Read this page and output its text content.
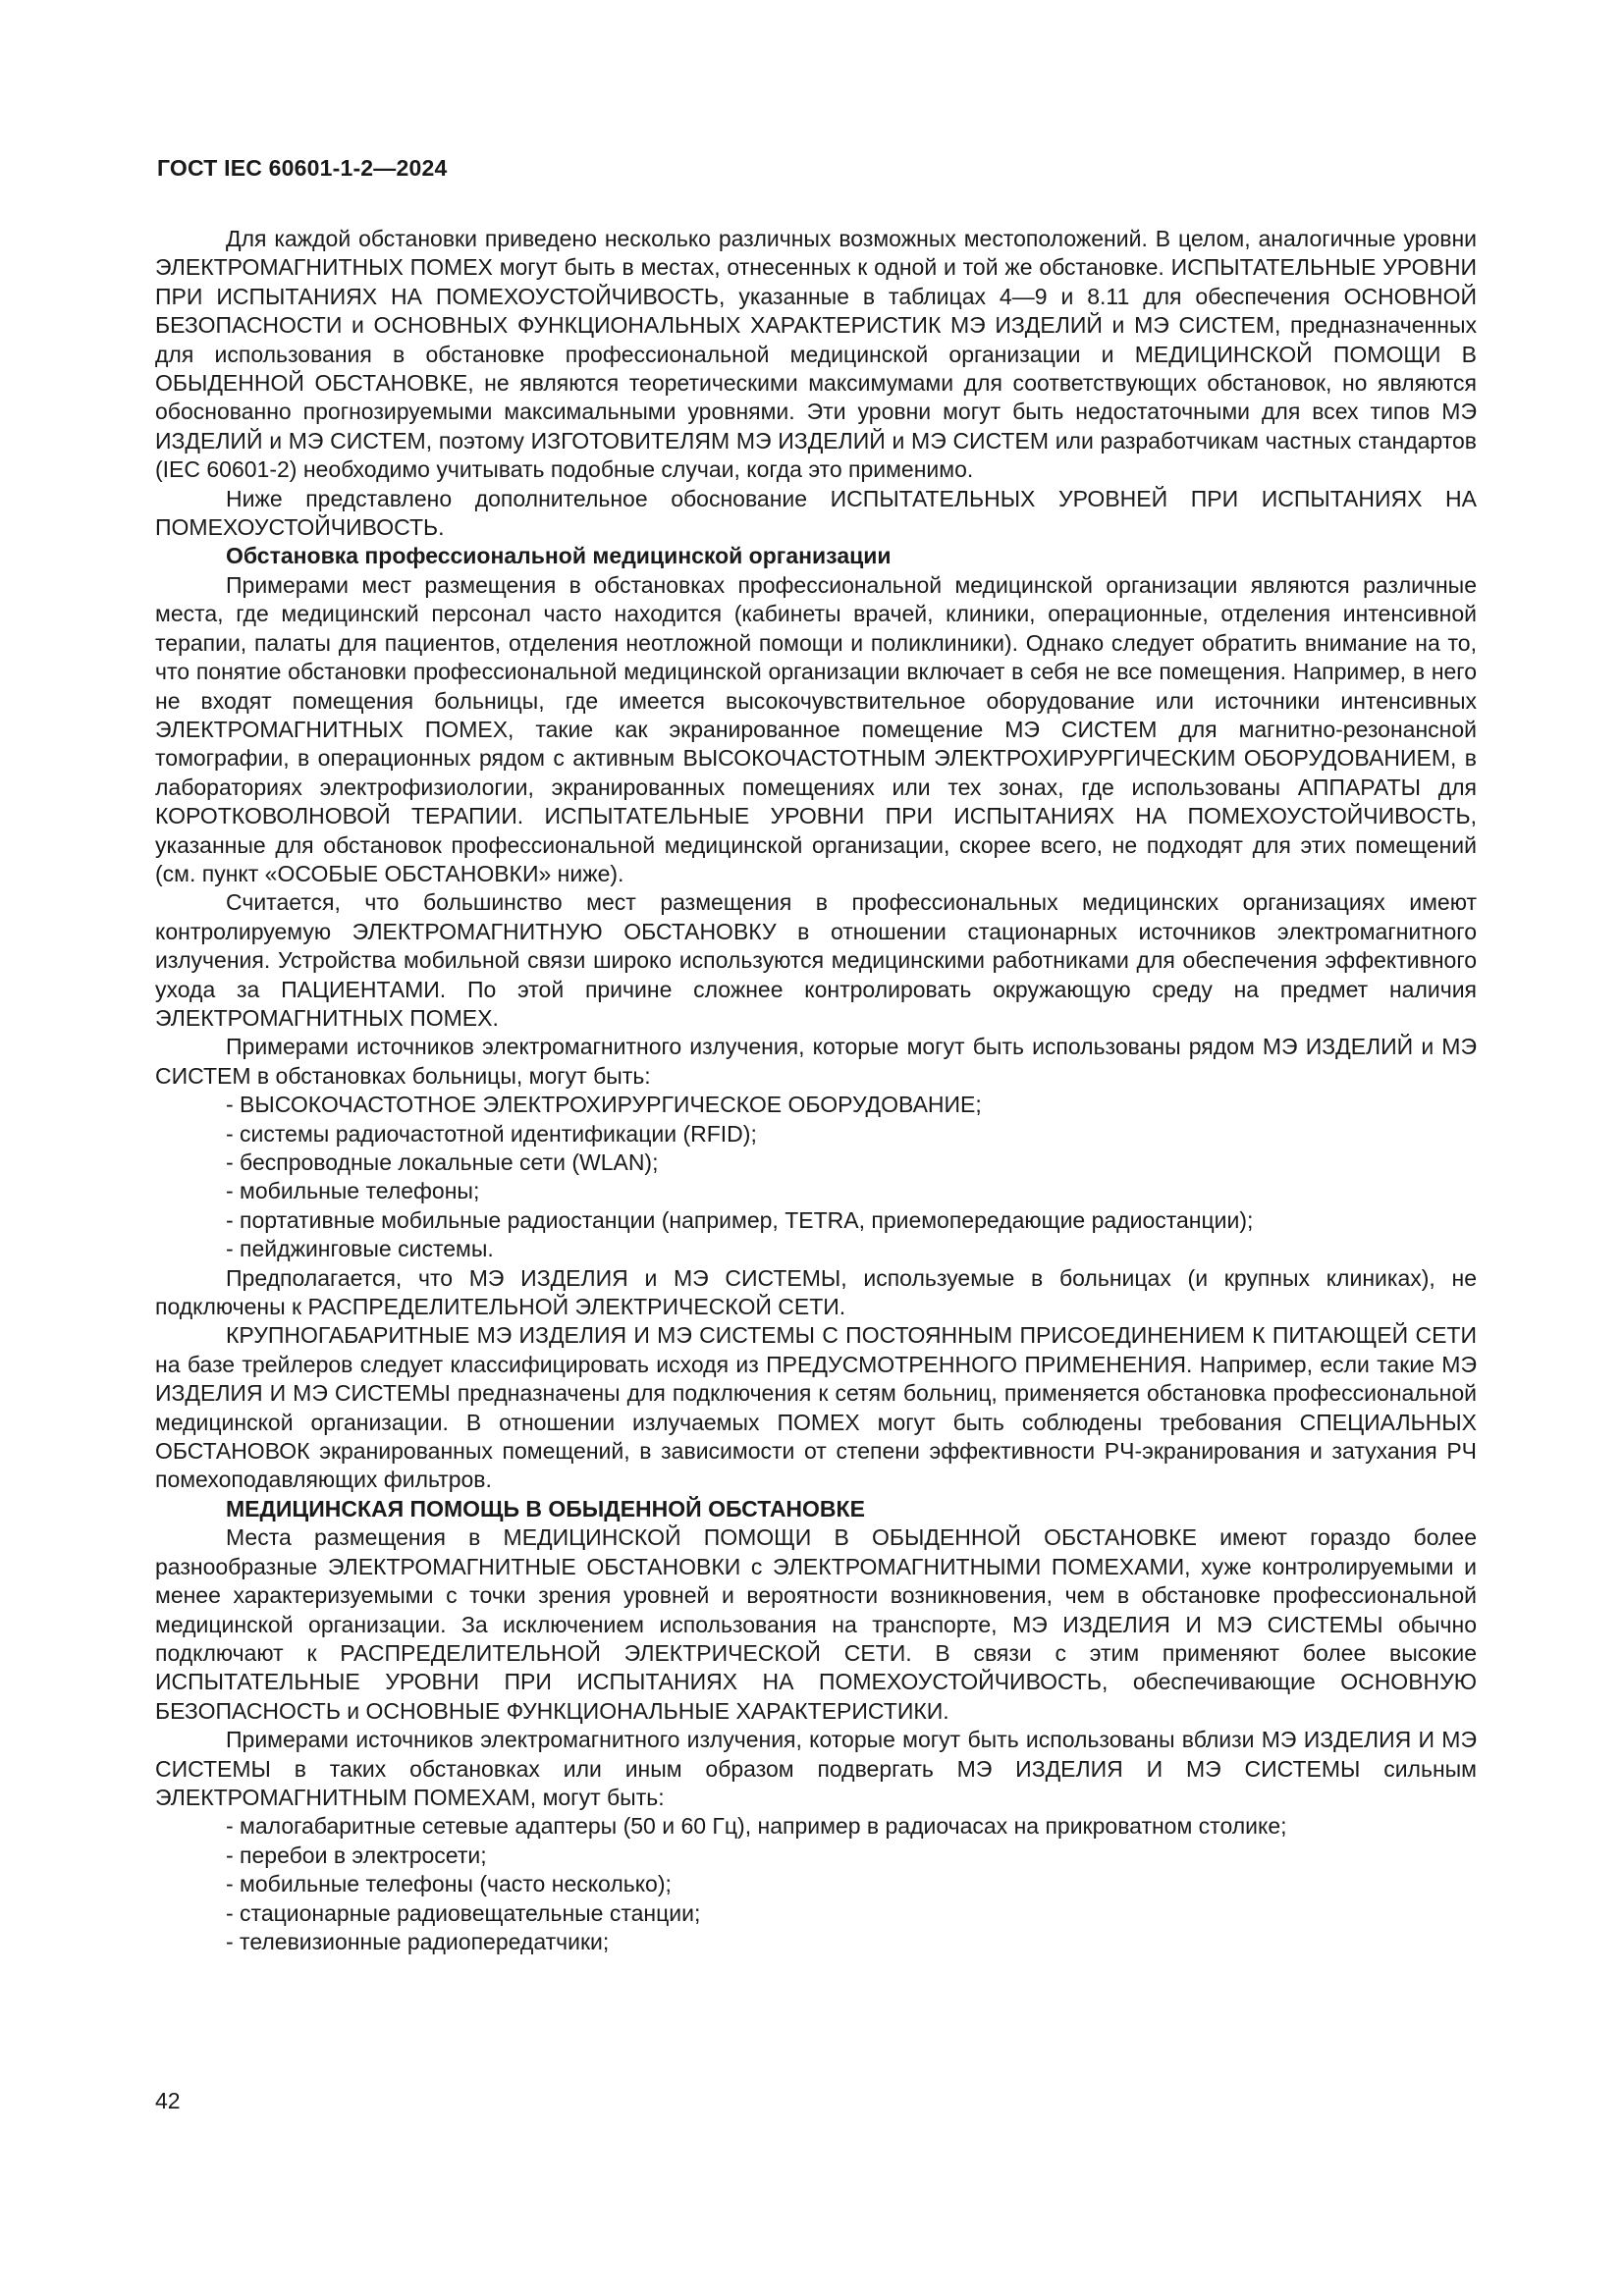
ГОСТ IEC 60601-1-2—2024

Для каждой обстановки приведено несколько различных возможных местоположений. В целом, аналогичные уровни ЭЛЕКТРОМАГНИТНЫХ ПОМЕХ могут быть в местах, отнесенных к одной и той же обстановке. ИСПЫТАТЕЛЬНЫЕ УРОВНИ ПРИ ИСПЫТАНИЯХ НА ПОМЕХОУСТОЙЧИВОСТЬ, указанные в таблицах 4—9 и 8.11 для обеспечения ОСНОВНОЙ БЕЗОПАСНОСТИ и ОСНОВНЫХ ФУНКЦИОНАЛЬНЫХ ХАРАКТЕРИСТИК МЭ ИЗДЕЛИЙ и МЭ СИСТЕМ, предназначенных для использования в обстановке профессиональной медицинской организации и МЕДИЦИНСКОЙ ПОМОЩИ В ОБЫДЕННОЙ ОБСТАНОВКЕ, не являются теоретическими максимумами для соответствующих обстановок, но являются обоснованно прогнозируемыми максимальными уровнями. Эти уровни могут быть недостаточными для всех типов МЭ ИЗДЕЛИЙ и МЭ СИСТЕМ, поэтому ИЗГОТОВИТЕЛЯМ МЭ ИЗДЕЛИЙ и МЭ СИСТЕМ или разработчикам частных стандартов (IEC 60601-2) необходимо учитывать подобные случаи, когда это применимо.

Ниже представлено дополнительное обоснование ИСПЫТАТЕЛЬНЫХ УРОВНЕЙ ПРИ ИСПЫТАНИЯХ НА ПОМЕХОУСТОЙЧИВОСТЬ.

Обстановка профессиональной медицинской организации

Примерами мест размещения в обстановках профессиональной медицинской организации являются различные места, где медицинский персонал часто находится (кабинеты врачей, клиники, операционные, отделения интенсивной терапии, палаты для пациентов, отделения неотложной помощи и поликлиники). Однако следует обратить внимание на то, что понятие обстановки профессиональной медицинской организации включает в себя не все помещения. Например, в него не входят помещения больницы, где имеется высокочувствительное оборудование или источники интенсивных ЭЛЕКТРОМАГНИТНЫХ ПОМЕХ, такие как экранированное помещение МЭ СИСТЕМ для магнитно-резонансной томографии, в операционных рядом с активным ВЫСОКОЧАСТОТНЫМ ЭЛЕКТРОХИРУРГИЧЕСКИМ ОБОРУДОВАНИЕМ, в лабораториях электрофизиологии, экранированных помещениях или тех зонах, где использованы АППАРАТЫ для КОРОТКОВОЛНОВОЙ ТЕРАПИИ. ИСПЫТАТЕЛЬНЫЕ УРОВНИ ПРИ ИСПЫТАНИЯХ НА ПОМЕХОУСТОЙЧИВОСТЬ, указанные для обстановок профессиональной медицинской организации, скорее всего, не подходят для этих помещений (см. пункт «ОСОБЫЕ ОБСТАНОВКИ» ниже).

Считается, что большинство мест размещения в профессиональных медицинских организациях имеют контролируемую ЭЛЕКТРОМАГНИТНУЮ ОБСТАНОВКУ в отношении стационарных источников электромагнитного излучения. Устройства мобильной связи широко используются медицинскими работниками для обеспечения эффективного ухода за ПАЦИЕНТАМИ. По этой причине сложнее контролировать окружающую среду на предмет наличия ЭЛЕКТРОМАГНИТНЫХ ПОМЕХ.

Примерами источников электромагнитного излучения, которые могут быть использованы рядом МЭ ИЗДЕЛИЙ и МЭ СИСТЕМ в обстановках больницы, могут быть:

- ВЫСОКОЧАСТОТНОЕ ЭЛЕКТРОХИРУРГИЧЕСКОЕ ОБОРУДОВАНИЕ;
- системы радиочастотной идентификации (RFID);
- беспроводные локальные сети (WLAN);
- мобильные телефоны;
- портативные мобильные радиостанции (например, TETRA, приемопередающие радиостанции);
- пейджинговые системы.

Предполагается, что МЭ ИЗДЕЛИЯ и МЭ СИСТЕМЫ, используемые в больницах (и крупных клиниках), не подключены к РАСПРЕДЕЛИТЕЛЬНОЙ ЭЛЕКТРИЧЕСКОЙ СЕТИ.

КРУПНОГАБАРИТНЫЕ МЭ ИЗДЕЛИЯ И МЭ СИСТЕМЫ С ПОСТОЯННЫМ ПРИСОЕДИНЕНИЕМ К ПИТАЮЩЕЙ СЕТИ на базе трейлеров следует классифицировать исходя из ПРЕДУСМОТРЕННОГО ПРИМЕНЕНИЯ. Например, если такие МЭ ИЗДЕЛИЯ И МЭ СИСТЕМЫ предназначены для подключения к сетям больниц, применяется обстановка профессиональной медицинской организации. В отношении излучаемых ПОМЕХ могут быть соблюдены требования СПЕЦИАЛЬНЫХ ОБСТАНОВОК экранированных помещений, в зависимости от степени эффективности РЧ-экранирования и затухания РЧ помехоподавляющих фильтров.

МЕДИЦИНСКАЯ ПОМОЩЬ В ОБЫДЕННОЙ ОБСТАНОВКЕ

Места размещения в МЕДИЦИНСКОЙ ПОМОЩИ В ОБЫДЕННОЙ ОБСТАНОВКЕ имеют гораздо более разнообразные ЭЛЕКТРОМАГНИТНЫЕ ОБСТАНОВКИ с ЭЛЕКТРОМАГНИТНЫМИ ПОМЕХАМИ, хуже контролируемыми и менее характеризуемыми с точки зрения уровней и вероятности возникновения, чем в обстановке профессиональной медицинской организации. За исключением использования на транспорте, МЭ ИЗДЕЛИЯ И МЭ СИСТЕМЫ обычно подключают к РАСПРЕДЕЛИТЕЛЬНОЙ ЭЛЕКТРИЧЕСКОЙ СЕТИ. В связи с этим применяют более высокие ИСПЫТАТЕЛЬНЫЕ УРОВНИ ПРИ ИСПЫТАНИЯХ НА ПОМЕХОУСТОЙЧИВОСТЬ, обеспечивающие ОСНОВНУЮ БЕЗОПАСНОСТЬ и ОСНОВНЫЕ ФУНКЦИОНАЛЬНЫЕ ХАРАКТЕРИСТИКИ.

Примерами источников электромагнитного излучения, которые могут быть использованы вблизи МЭ ИЗДЕЛИЯ И МЭ СИСТЕМЫ в таких обстановках или иным образом подвергать МЭ ИЗДЕЛИЯ И МЭ СИСТЕМЫ сильным ЭЛЕКТРОМАГНИТНЫМ ПОМЕХАМ, могут быть:

- малогабаритные сетевые адаптеры (50 и 60 Гц), например в радиочасах на прикроватном столике;
- перебои в электросети;
- мобильные телефоны (часто несколько);
- стационарные радиовещательные станции;
- телевизионные радиопередатчики;
42
